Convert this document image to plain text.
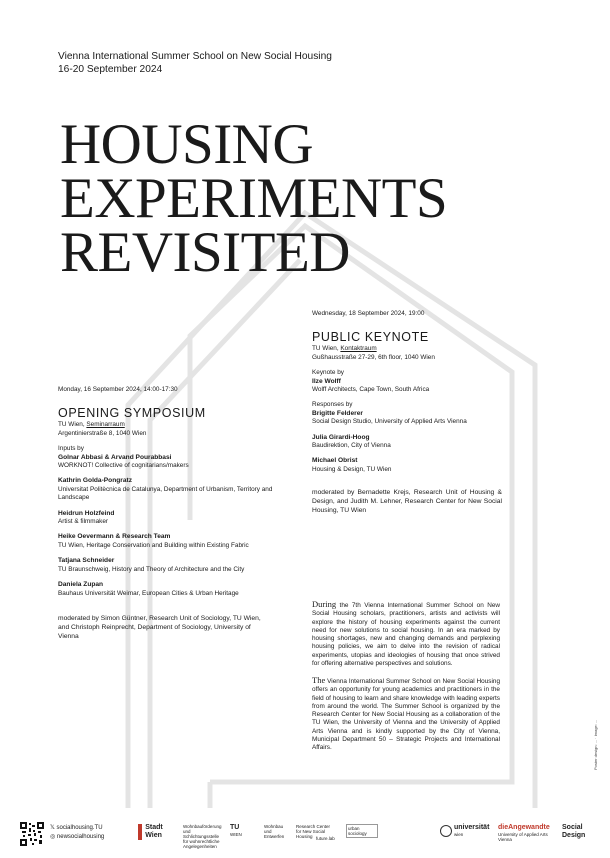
Vienna International Summer School on New Social Housing
16-20 September 2024
HOUSING
EXPERIMENTS
REVISITED
Monday, 16 September 2024, 14:00-17:30
OPENING SYMPOSIUM
TU Wien, Seminarraum
Argentinierstraße 8, 1040 Wien
Inputs by
Golnar Abbasi & Arvand Pourabbasi
WORKNOT! Collective of cognitarians/makers
Kathrin Golda-Pongratz
Universitat Politècnica de Catalunya, Department of Urbanism, Territory and Landscape
Heidrun Holzfeind
Artist & filmmaker
Heike Oevermann & Research Team
TU Wien, Heritage Conservation and Building within Existing Fabric
Tatjana Schneider
TU Braunschweig, History and Theory of Architecture and the City
Daniela Zupan
Bauhaus Universität Weimar, European Cities & Urban Heritage
moderated by Simon Güntner, Research Unit of Sociology, TU Wien, and Christoph Reinprecht, Department of Sociology, University of Vienna
Wednesday, 18 September 2024, 19:00
PUBLIC KEYNOTE
TU Wien, Kontaktraum
Gußhausstraße 27-29, 6th floor, 1040 Wien
Keynote by
Ilze Wolff
Wolff Architects, Cape Town, South Africa
Responses by
Brigitte Felderer
Social Design Studio, University of Applied Arts Vienna
Julia Girardi-Hoog
Baudirektion, City of Vienna
Michael Obrist
Housing & Design, TU Wien
moderated by Bernadette Krejs, Research Unit of Housing & Design, and Judith M. Lehner, Research Center for New Social Housing, TU Wien
During the 7th Vienna International Summer School on New Social Housing scholars, practitioners, artists and activists will explore the history of housing experiments against the current need for new solutions to social housing. In an era marked by housing shortages, new and changing demands and perplexing housing policies, we aim to delve into the revision of radical experiments, utopias and ideologies of housing that once strived for offering alternative perspectives and solutions.
The Vienna International Summer School on New Social Housing offers an opportunity for young academics and practitioners in the field of housing to learn and share knowledge with leading experts from around the world. The Summer School is organized by the Research Center for New Social Housing as a collaboration of the TU Wien, the University of Vienna and the University of Applied Arts Vienna and is kindly supported by the City of Vienna, Municipal Department 50 – Strategic Projects and International Affairs.	Poster design: ... · Image: ...
𝕏 socialhousing.TU
◎ newsocialhousing

Stadt
Wien
Wohnbauförderung und Schlichtungsstelle für wohnrechtliche Angelegenheiten
TU
WIEN
Wohnbau und Entwerfen
Research Center for New Social Housing future.lab
urban sociology
universität
wien
dieAngewandte
University of Applied Arts Vienna
Social
Design
